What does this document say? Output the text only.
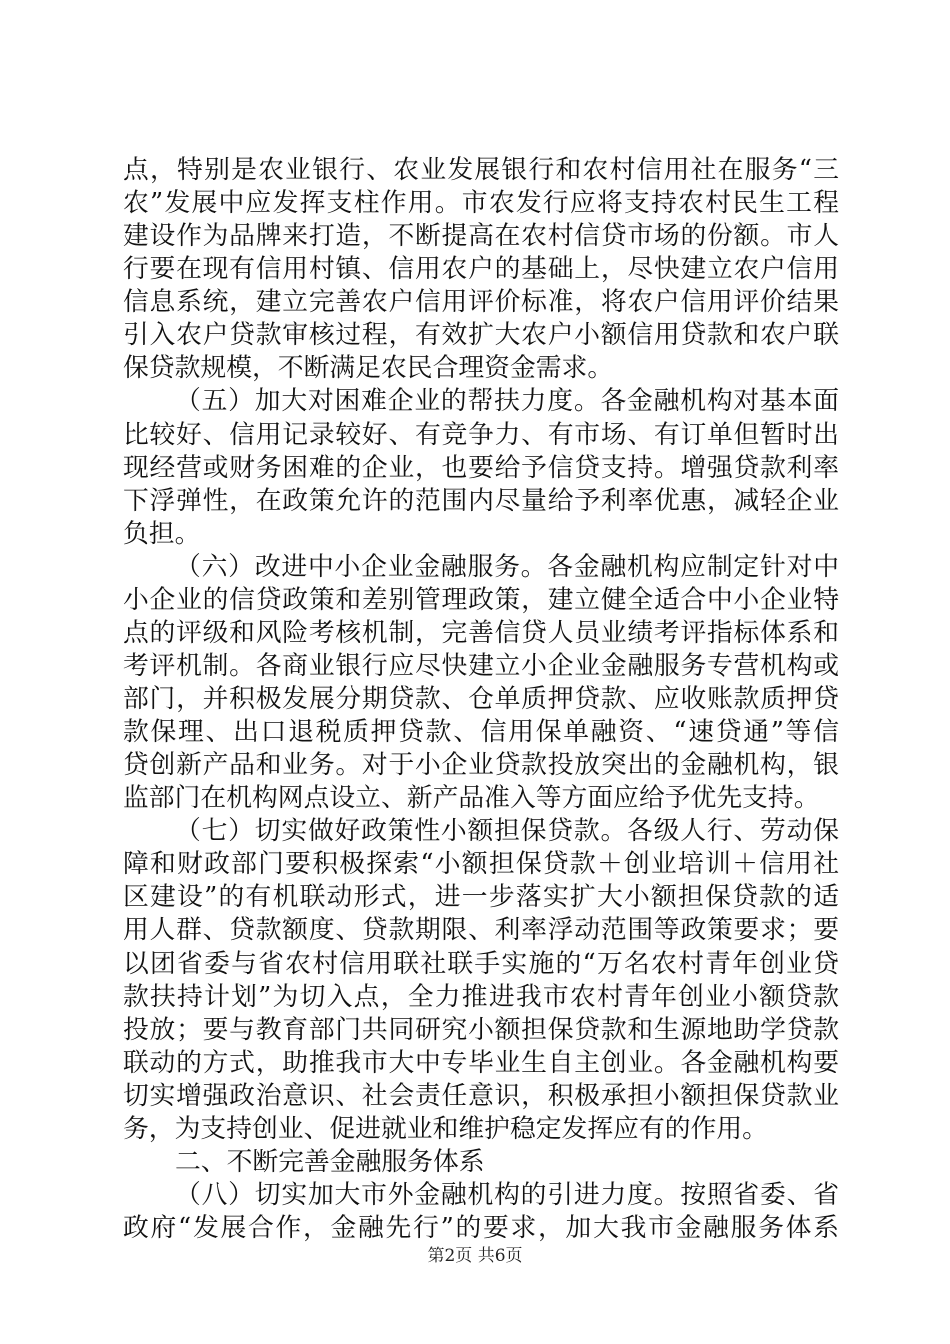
点，特别是农业银行、农业发展银行和农村信用社在服务“三
农”发展中应发挥支柱作用。市农发行应将支持农村民生工程
建设作为品牌来打造，不断提高在农村信贷市场的份额。市人
行要在现有信用村镇、信用农户的基础上，尽快建立农户信用
信息系统，建立完善农户信用评价标准，将农户信用评价结果
引入农户贷款审核过程，有效扩大农户小额信用贷款和农户联
保贷款规模，不断满足农民合理资金需求。
（五）加大对困难企业的帮扶力度。各金融机构对基本面
比较好、信用记录较好、有竞争力、有市场、有订单但暂时出
现经营或财务困难的企业，也要给予信贷支持。增强贷款利率
下浮弹性，在政策允许的范围内尽量给予利率优惠，减轻企业
负担。
（六）改进中小企业金融服务。各金融机构应制定针对中
小企业的信贷政策和差别管理政策，建立健全适合中小企业特
点的评级和风险考核机制，完善信贷人员业绩考评指标体系和
考评机制。各商业银行应尽快建立小企业金融服务专营机构或
部门，并积极发展分期贷款、仓单质押贷款、应收账款质押贷
款保理、出口退税质押贷款、信用保单融资、“速贷通”等信
贷创新产品和业务。对于小企业贷款投放突出的金融机构，银
监部门在机构网点设立、新产品准入等方面应给予优先支持。
（七）切实做好政策性小额担保贷款。各级人行、劳动保
障和财政部门要积极探索“小额担保贷款＋创业培训＋信用社
区建设”的有机联动形式，进一步落实扩大小额担保贷款的适
用人群、贷款额度、贷款期限、利率浮动范围等政策要求；要
以团省委与省农村信用联社联手实施的“万名农村青年创业贷
款扶持计划”为切入点，全力推进我市农村青年创业小额贷款
投放；要与教育部门共同研究小额担保贷款和生源地助学贷款
联动的方式，助推我市大中专毕业生自主创业。各金融机构要
切实增强政治意识、社会责任意识，积极承担小额担保贷款业
务，为支持创业、促进就业和维护稳定发挥应有的作用。
二、不断完善金融服务体系
（八）切实加大市外金融机构的引进力度。按照省委、省
政府“发展合作，金融先行”的要求，加大我市金融服务体系
第2页 共6页
